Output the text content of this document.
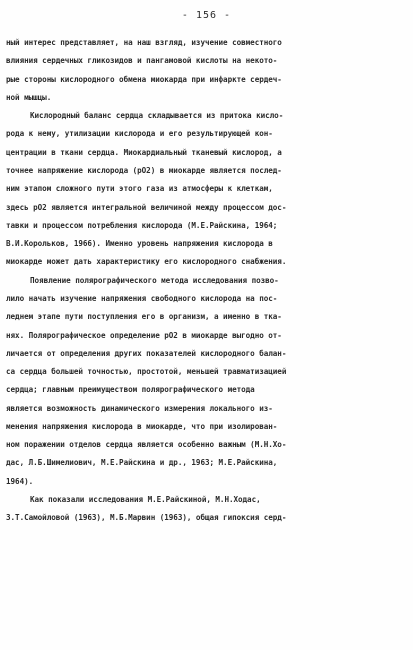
- 156 -
ный интерес представляет, на наш взгляд, изучение совместного
влияния сердечных гликозидов и пангамовой кислоты на некото-
рые стороны кислородного обмена миокарда при инфаркте сердеч-
ной мышцы.
Кислородный баланс сердца складывается из притока кисло-
рода к нему, утилизации кислорода и его результирующей кон-
центрации в ткани сердца. Миокардиальный тканевый кислород, а
точнее напряжение кислорода (pO2) в миокарде является послед-
ним этапом сложного пути этого газа из атмосферы к клеткам,
здесь pO2 является интегральной величиной между процессом дос-
тавки и процессом потребления кислорода (М.Е.Райскина, 1964;
В.И.Корольков, 1966). Именно уровень напряжения кислорода в
миокарде может дать характеристику его кислородного снабжения.
Появление полярографического метода исследования позво-
лило начать изучение напряжения свободного кислорода на пос-
леднем этапе пути поступления его в организм, а именно в тка-
нях. Полярографическое определение pO2 в миокарде выгодно от-
личается от определения других показателей кислородного балан-
са сердца большей точностью, простотой, меньшей травматизацией
сердца; главным преимуществом полярографического метода
является возможность динамического измерения локального из-
менения напряжения кислорода в миокарде, что при изолирован-
ном поражении отделов сердца является особенно важным (М.Н.Хо-
дас, Л.Б.Шимелиович, М.Е.Райскина и др., 1963; М.Е.Райскина,
1964).
Как показали исследования М.Е.Райскиной, М.Н.Ходас,
З.Т.Самойловой (1963), М.Б.Марвин (1963), общая гипоксия серд-
